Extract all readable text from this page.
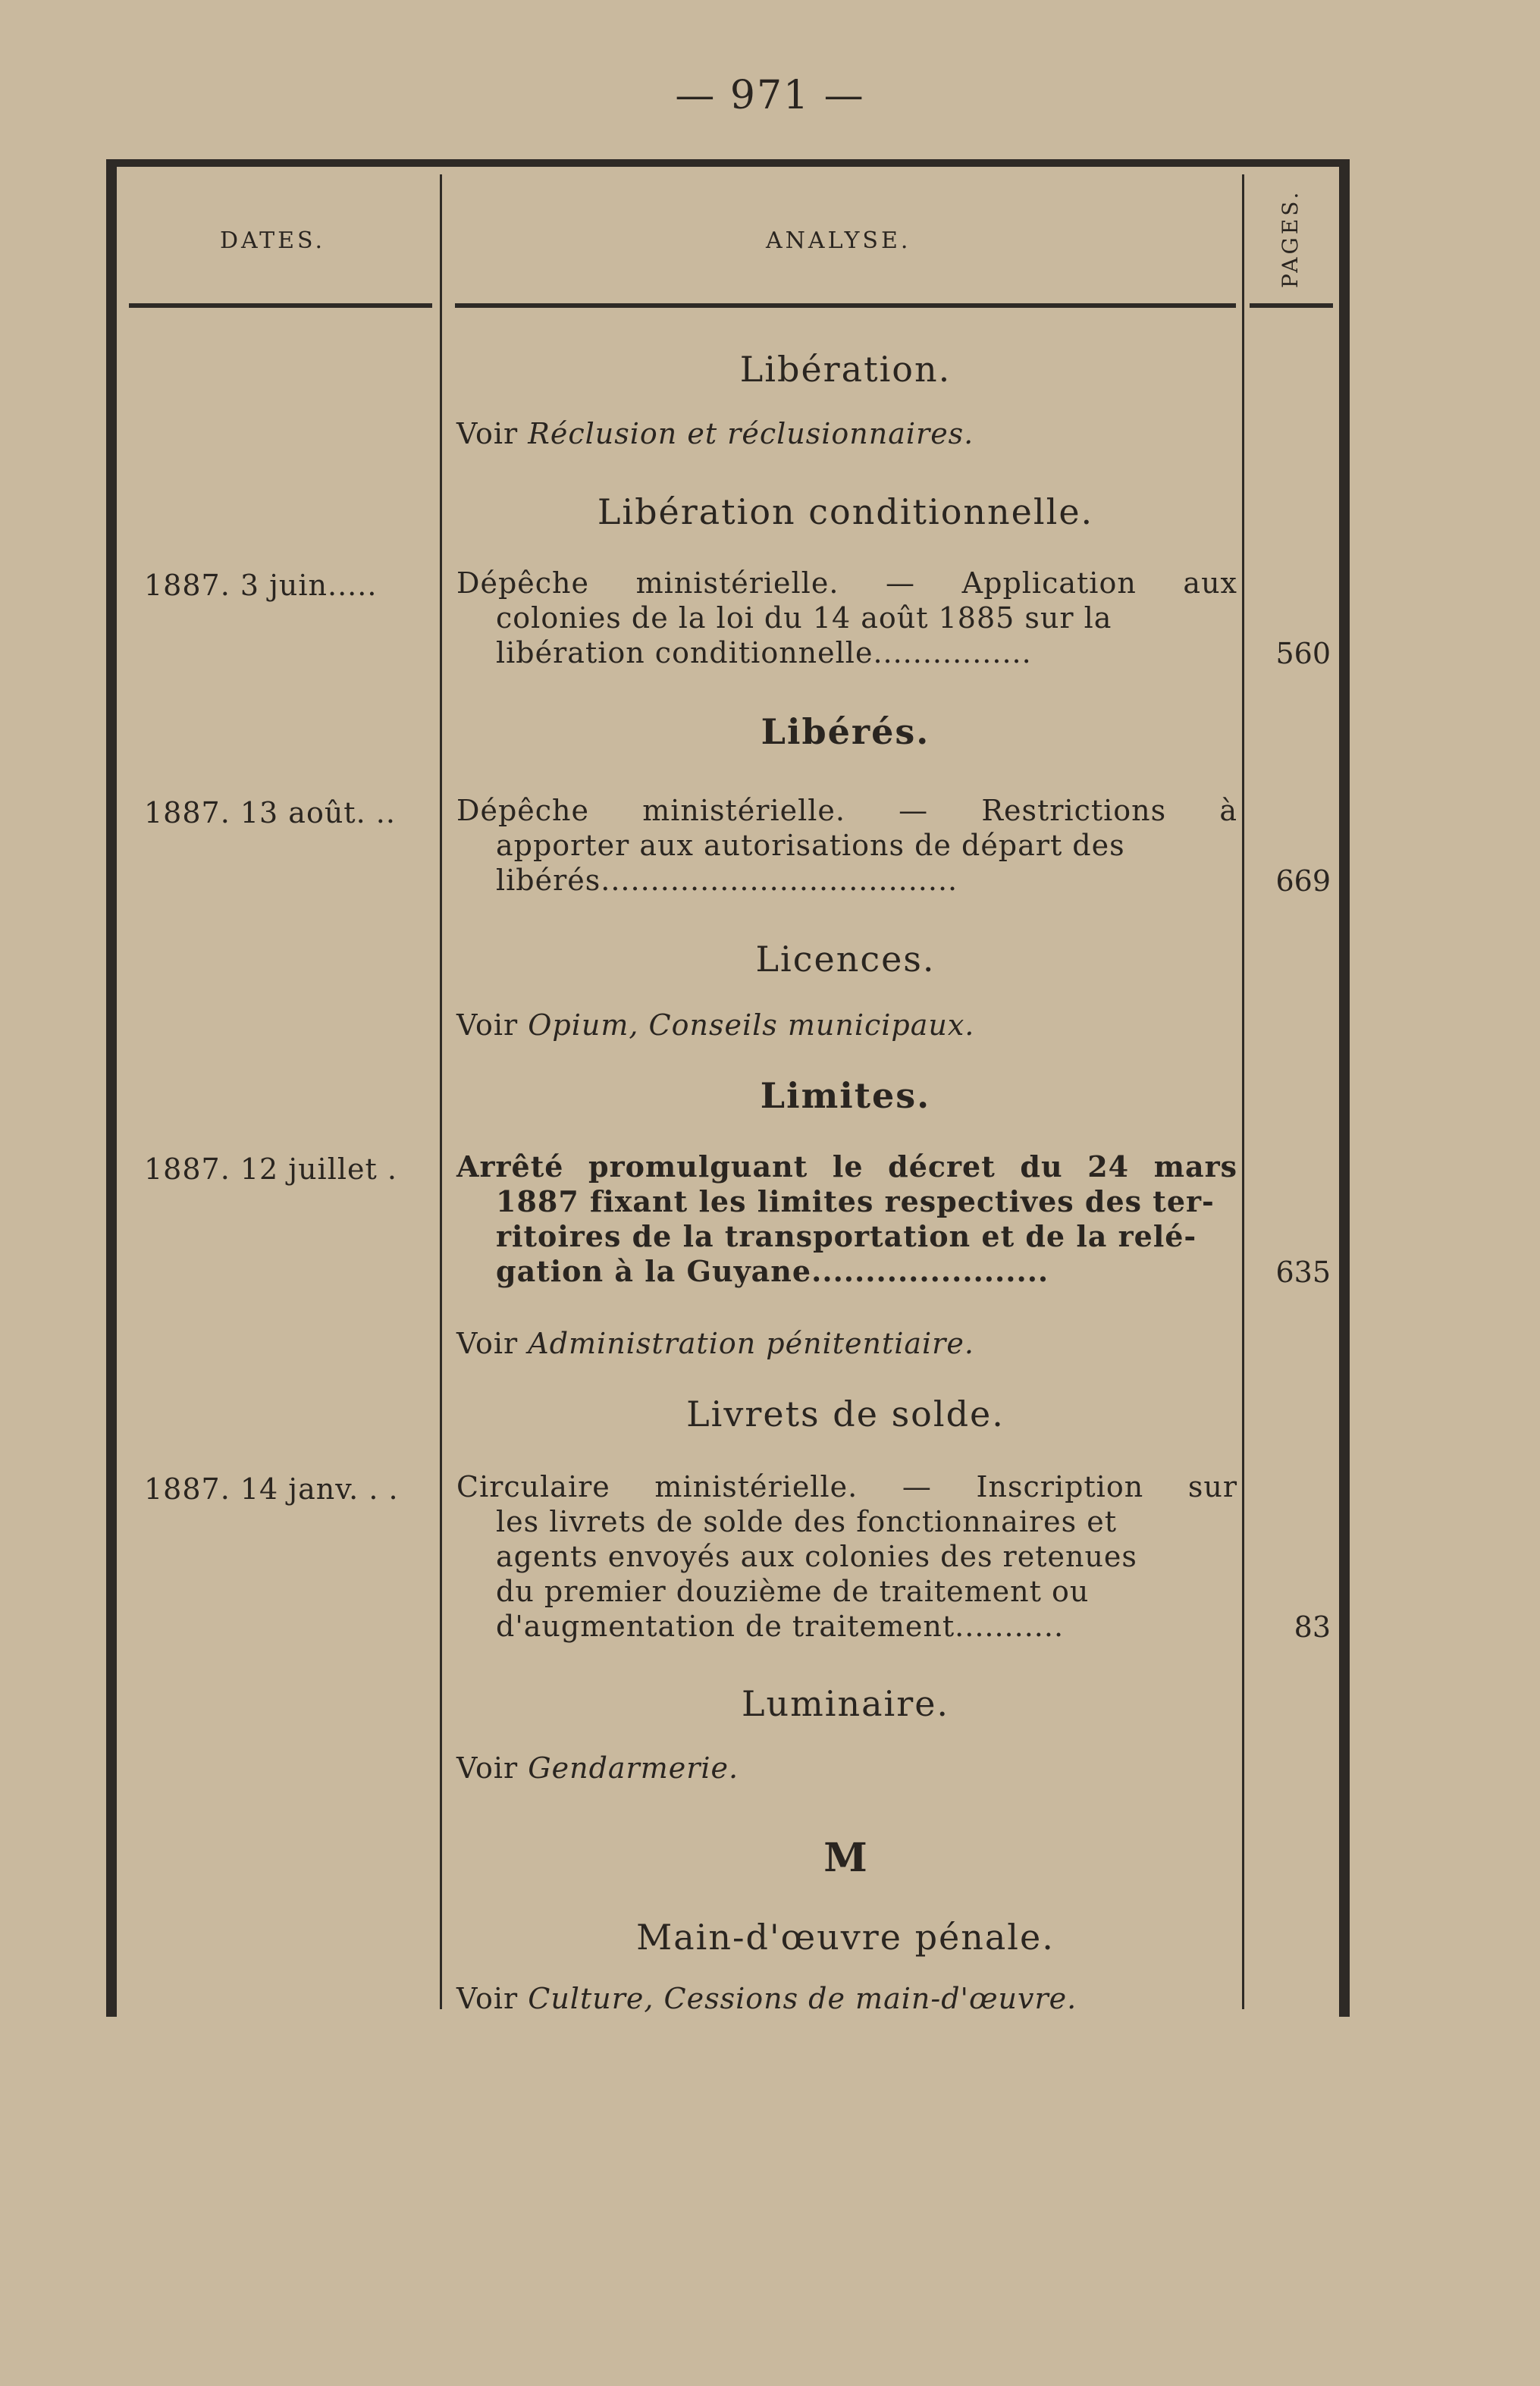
— 971 —
DATES.	ANALYSE.	PAGES.
Libération.
Voir Réclusion et réclusionnaires.
Libération conditionnelle.
1887. 3 juin.....	Dépêche ministérielle. — Application aux
colonies de la loi du 14 août 1885 sur la
libération conditionnelle................	560
Libérés.
1887. 13 août. ..	Dépêche ministérielle. — Restrictions à
apporter aux autorisations de départ des
libérés....................................	669
Licences.
Voir Opium, Conseils municipaux.
Limites.
1887. 12 juillet .	Arrêté promulguant le décret du 24 mars
1887 fixant les limites respectives des ter-
ritoires de la transportation et de la relé-
gation à la Guyane......................	635
Voir Administration pénitentiaire.
Livrets de solde.
1887. 14 janv. . .	Circulaire ministérielle. — Inscription sur
les livrets de solde des fonctionnaires et
agents envoyés aux colonies des retenues
du premier douzième de traitement ou
d'augmentation de traitement...........	83
Luminaire.
Voir Gendarmerie.
M
Main-d'œuvre pénale.
Voir Culture, Cessions de main-d'œuvre.
